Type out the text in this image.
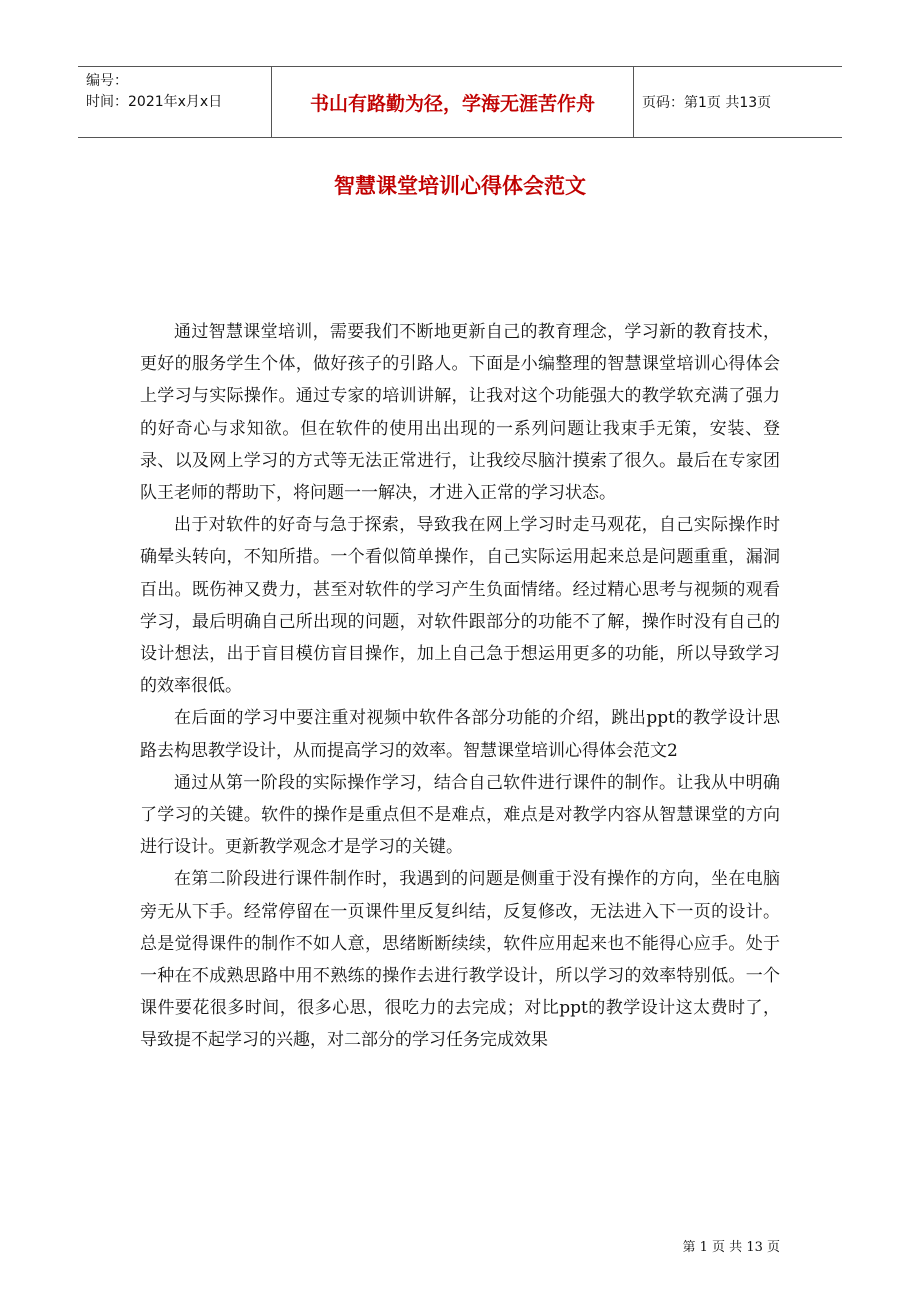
编号：
时间：2021年x月x日	书山有路勤为径，学海无涯苦作舟	页码：第1页 共13页
智慧课堂培训心得体会范文

通过智慧课堂培训，需要我们不断地更新自己的教育理念，学习新的教育技术，更好的服务学生个体，做好孩子的引路人。下面是小编整理的智慧课堂培训心得体会上学习与实际操作。通过专家的培训讲解，让我对这个功能强大的教学软充满了强力的好奇心与求知欲。但在软件的使用出出现的一系列问题让我束手无策，安装、登录、以及网上学习的方式等无法正常进行，让我绞尽脑汁摸索了很久。最后在专家团队王老师的帮助下，将问题一一解决，才进入正常的学习状态。

出于对软件的好奇与急于探索，导致我在网上学习时走马观花，自己实际操作时确晕头转向，不知所措。一个看似简单操作，自己实际运用起来总是问题重重，漏洞百出。既伤神又费力，甚至对软件的学习产生负面情绪。经过精心思考与视频的观看学习，最后明确自己所出现的问题，对软件跟部分的功能不了解，操作时没有自己的设计想法，出于盲目模仿盲目操作，加上自己急于想运用更多的功能，所以导致学习的效率很低。

在后面的学习中要注重对视频中软件各部分功能的介绍，跳出ppt的教学设计思路去构思教学设计，从而提高学习的效率。智慧课堂培训心得体会范文2

通过从第一阶段的实际操作学习，结合自己软件进行课件的制作。让我从中明确了学习的关键。软件的操作是重点但不是难点，难点是对教学内容从智慧课堂的方向进行设计。更新教学观念才是学习的关键。

在第二阶段进行课件制作时，我遇到的问题是侧重于没有操作的方向，坐在电脑旁无从下手。经常停留在一页课件里反复纠结，反复修改，无法进入下一页的设计。总是觉得课件的制作不如人意，思绪断断续续，软件应用起来也不能得心应手。处于一种在不成熟思路中用不熟练的操作去进行教学设计，所以学习的效率特别低。一个课件要花很多时间，很多心思，很吃力的去完成；对比ppt的教学设计这太费时了，导致提不起学习的兴趣，对二部分的学习任务完成效果

第 1 页 共 13 页
